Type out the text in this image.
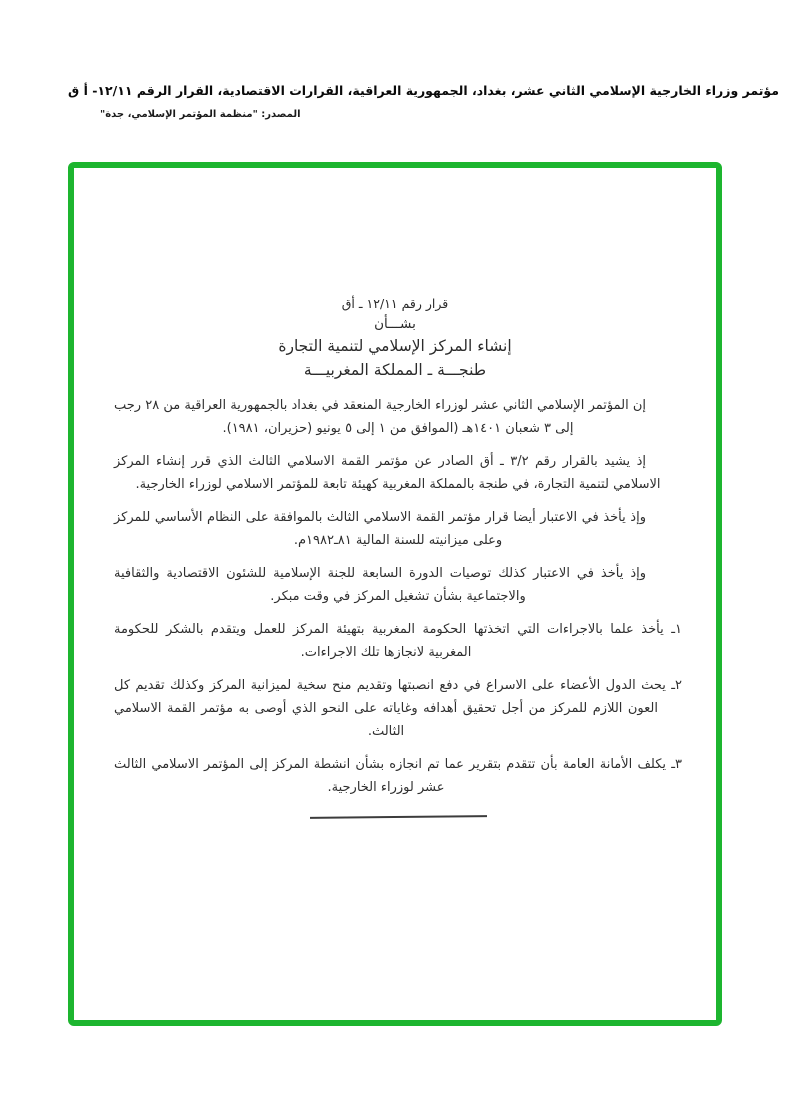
مؤتمر وزراء الخارجية الإسلامي الثاني عشر، بغداد، الجمهورية العراقية، القرارات الاقتصادية، القرار الرقم ١٢/١١- أ ق
المصدر: "منظمة المؤتمر الإسلامي، جدة"
قرار رقم ١٢/١١ ـ أق
بشـــأن
إنشاء المركز الإسلامي لتنمية التجارة
طنجـــة ـ المملكة المغربيـــة

إن المؤتمر الإسلامي الثاني عشر لوزراء الخارجية المنعقد في بغداد بالجمهورية العراقية من ٢٨ رجب إلى ٣ شعبان ١٤٠١هـ (الموافق من ١ إلى ٥ يونيو (حزيران، ١٩٨١).

إذ يشيد بالقرار رقم ٣/٢ ـ أق الصادر عن مؤتمر القمة الاسلامي الثالث الذي قرر إنشاء المركز الاسلامي لتنمية التجارة، في طنجة بالمملكة المغربية كهيئة تابعة للمؤتمر الاسلامي لوزراء الخارجية.

وإذ يأخذ في الاعتبار أيضا قرار مؤتمر القمة الاسلامي الثالث بالموافقة على النظام الأساسي للمركز وعلى ميزانيته للسنة المالية ٨١ـ١٩٨٢م.

وإذ يأخذ في الاعتبار كذلك توصيات الدورة السابعة للجنة الإسلامية للشئون الاقتصادية والثقافية والاجتماعية بشأن تشغيل المركز في وقت مبكر.

١ـ يأخذ علما بالاجراءات التي اتخذتها الحكومة المغربية بتهيئة المركز للعمل ويتقدم بالشكر للحكومة المغربية لانجازها تلك الاجراءات.

٢ـ يحث الدول الأعضاء على الاسراع في دفع انصبتها وتقديم منح سخية لميزانية المركز وكذلك تقديم كل العون اللازم للمركز من أجل تحقيق أهدافه وغاياته على النحو الذي أوصى به مؤتمر القمة الاسلامي الثالث.

٣ـ يكلف الأمانة العامة بأن تتقدم بتقرير عما تم انجازه بشأن انشطة المركز إلى المؤتمر الاسلامي الثالث عشر لوزراء الخارجية.
